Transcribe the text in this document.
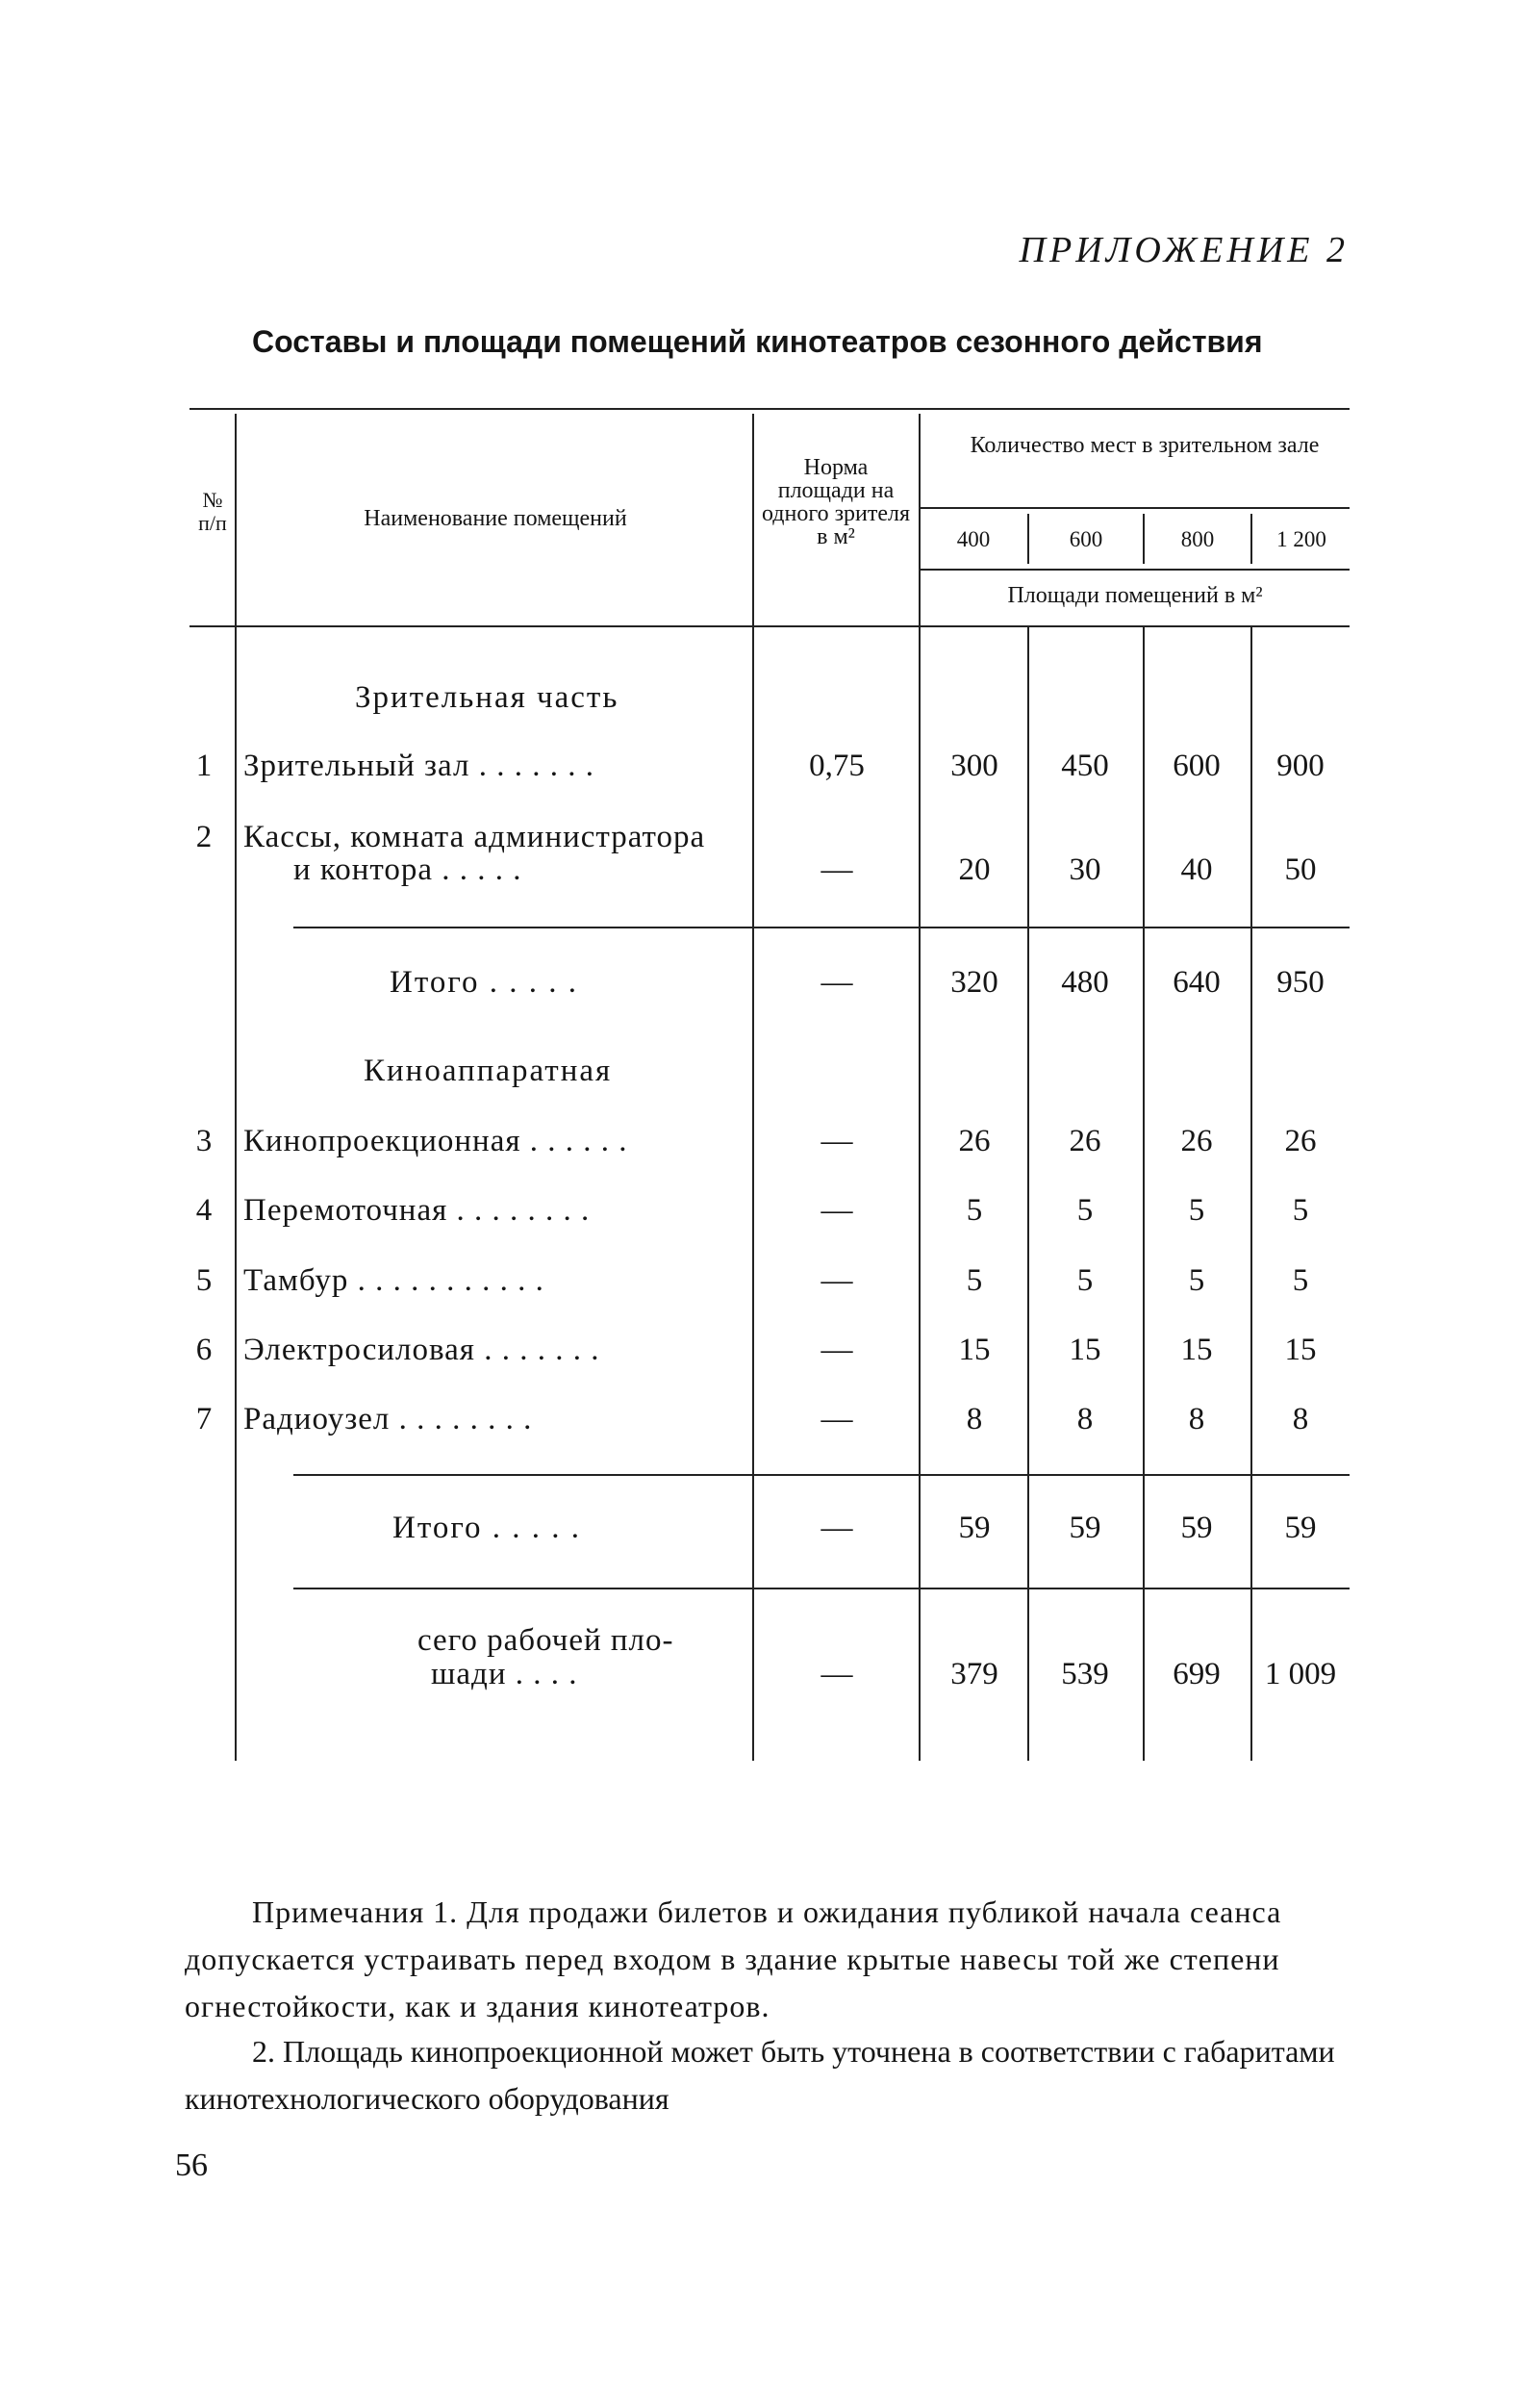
ПРИЛОЖЕНИЕ 2
Составы и площади помещений кинотеатров сезонного действия
№ п/п	Наименование помещений
Норма площади на одного зрителя в м²
Количество мест в зрительном зале
400	600	800	1 200
Площади помещений в м²
Зрительная часть
1 Зрительный зал . . . . . . .	0,75	300	450	600	900
2 Кассы, комната администратора
и контора . . . . .	—	20	30	40	50
Итого . . . . .	—	320	480	640	950
Киноаппаратная
3 Кинопроекционная . . . . . .	—	26	26	26	26
4 Перемоточная . . . . . . . .	—	5	5	5	5
5 Тамбур . . . . . . . . . . .	—	5	5	5	5
6 Электросиловая . . . . . . .	—	15	15	15	15
7 Радиоузел . . . . . . . .	—	8	8	8	8
Итого . . . . .	—	59	59	59	59
сего рабочей пло-
шади . . . .	—	379	539	699	1 009
Примечания 1. Для продажи билетов и ожидания публикой начала сеанса допускается устраивать перед входом в здание крытые навесы той же степени огнестойкости, как и здания кинотеатров.
2. Площадь кинопроекционной может быть уточнена в соответствии с габаритами кинотехнологического оборудования
56
